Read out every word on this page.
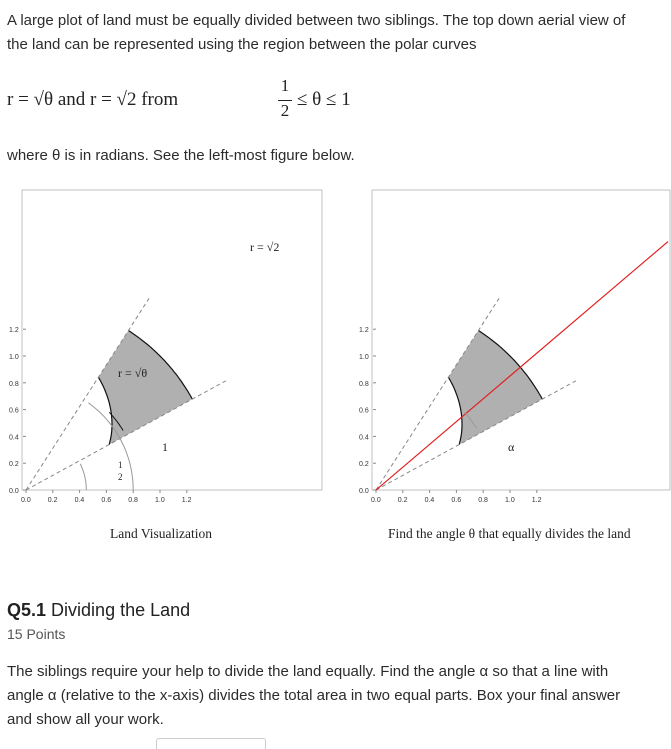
A large plot of land must be equally divided between two siblings. The top down aerial view of
the land can be represented using the region between the polar curves
r = √θ and r = √2 from
1
2
≤ θ ≤ 1
where θ is in radians. See the left-most figure below.
0.0 0.2 0.4 0.6 0.8 1.0 1.2
0.0
0.2
0.4
0.6
0.8
1.0
1.2
r = √2
r = √θ
1
1
2
0.0 0.2 0.4 0.6 0.8 1.0 1.2
0.0
0.2
0.4
0.6
0.8
1.0
1.2
α
Land Visualization	Find the angle θ that equally divides the land
Q5.1 Dividing the Land
15 Points
The siblings require your help to divide the land equally. Find the angle α so that a line with
angle α (relative to the x-axis) divides the total area in two equal parts. Box your final answer
and show all your work.
